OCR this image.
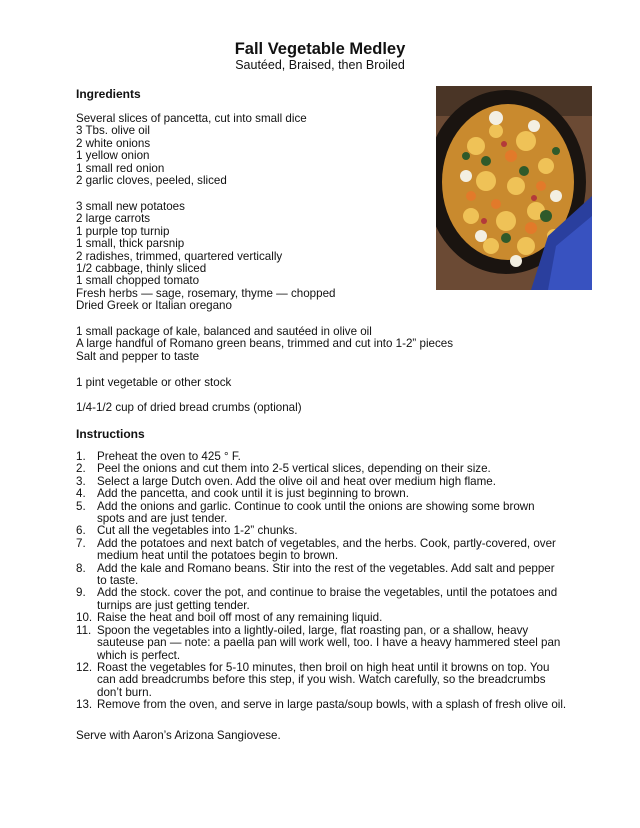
Fall Vegetable Medley
Sautéed, Braised, then Broiled
Ingredients
Several slices of pancetta, cut into small dice
3 Tbs. olive oil
2 white onions
1 yellow onion
1 small red onion
2 garlic cloves, peeled, sliced
3 small new potatoes
2 large carrots
1 purple top turnip
1 small, thick parsnip
2 radishes, trimmed, quartered vertically
1/2 cabbage, thinly sliced
1 small chopped tomato
Fresh herbs — sage, rosemary, thyme — chopped
Dried Greek or Italian oregano
1 small package of kale, balanced and sautéed in olive oil
A large handful of Romano green beans, trimmed and cut into 1-2” pieces
Salt and pepper to taste
1 pint vegetable or other stock
1/4-1/2 cup of dried bread crumbs (optional)
Instructions
1. Preheat the oven to 425 ° F.
2. Peel the onions and cut them into 2-5 vertical slices, depending on their size.
3. Select a large Dutch oven. Add the olive oil and heat over medium high flame.
4. Add the pancetta, and cook until it is just beginning to brown.
5. Add the onions and garlic. Continue to cook until the onions are showing some brown
spots and are just tender.
6. Cut all the vegetables into 1-2” chunks.
7. Add the potatoes and next batch of vegetables, and the herbs. Cook, partly-covered, over
medium heat until the potatoes begin to brown.
8. Add the kale and Romano beans. Stir into the rest of the vegetables. Add salt and pepper
to taste.
9. Add the stock. cover the pot, and continue to braise the vegetables, until the potatoes and
turnips are just getting tender.
10. Raise the heat and boil off most of any remaining liquid.
11. Spoon the vegetables into a lightly-oiled, large, flat roasting pan, or a shallow, heavy
sauteuse pan — note: a paella pan will work well, too. I have a heavy hammered steel pan
which is perfect.
12. Roast the vegetables for 5-10 minutes, then broil on high heat until it browns on top. You
can add breadcrumbs before this step, if you wish. Watch carefully, so the breadcrumbs
don’t burn.
13. Remove from the oven, and serve in large pasta/soup bowls, with a splash of fresh olive oil.
Serve with Aaron’s Arizona Sangiovese.
